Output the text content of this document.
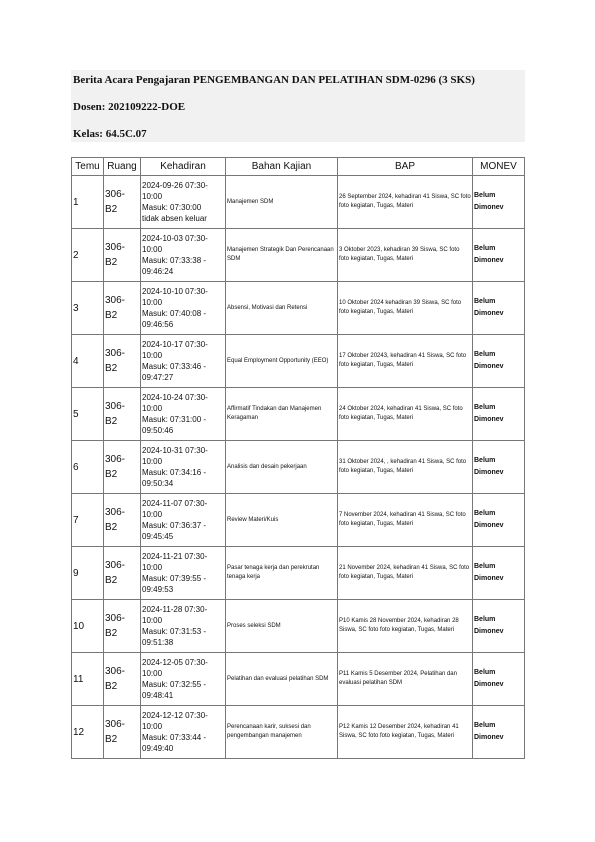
Berita Acara Pengajaran PENGEMBANGAN DAN PELATIHAN SDM-0296 (3 SKS)
Dosen: 202109222-DOE
Kelas: 64.5C.07
Temu	Ruang	Kehadiran	Bahan Kajian	BAP	MONEV
1	306-
B2	2024-09-26 07:30-
10:00
Masuk: 07:30:00
tidak absen keluar	Manajemen SDM	26 September 2024, kehadiran 41 Siswa, SC foto foto kegiatan, Tugas, Materi	Belum
Dimonev

2	306-
B2	2024-10-03 07:30-
10:00
Masuk: 07:33:38 -
09:46:24	Manajemen Strategik Dan Perencanaan SDM	3 Oktober 2023, kehadiran 39 Siswa, SC foto foto kegiatan, Tugas, Materi	Belum
Dimonev

3	306-
B2	2024-10-10 07:30-
10:00
Masuk: 07:40:08 -
09:46:56	Absensi, Motivasi dan Retensi	10 Oktober 2024 kehadiran 39 Siswa, SC foto foto kegiatan, Tugas, Materi	Belum
Dimonev

4	306-
B2	2024-10-17 07:30-
10:00
Masuk: 07:33:46 -
09:47:27	Equal Employment Opportunity (EEO)	17 Oktober 20243, kehadiran 41 Siswa, SC foto foto kegiatan, Tugas, Materi	Belum
Dimonev

5	306-
B2	2024-10-24 07:30-
10:00
Masuk: 07:31:00 -
09:50:46	Affirmatif Tindakan dan Manajemen Keragaman	24 Oktober 2024, kehadiran 41 Siswa, SC foto foto kegiatan, Tugas, Materi	Belum
Dimonev

6	306-
B2	2024-10-31 07:30-
10:00
Masuk: 07:34:16 -
09:50:34	Analisis dan desain pekerjaan	31 Oktober 2024, , kehadiran 41 Siswa, SC foto foto kegiatan, Tugas, Materi	Belum
Dimonev

7	306-
B2	2024-11-07 07:30-
10:00
Masuk: 07:36:37 -
09:45:45	Review Materi/Kuis	7 November 2024, kehadiran 41 Siswa, SC foto foto kegiatan, Tugas, Materi	Belum
Dimonev

9	306-
B2	2024-11-21 07:30-
10:00
Masuk: 07:39:55 -
09:49:53	Pasar tenaga kerja dan perekrutan tenaga kerja	21 November 2024, kehadiran 41 Siswa, SC foto foto kegiatan, Tugas, Materi	Belum
Dimonev

10	306-
B2	2024-11-28 07:30-
10:00
Masuk: 07:31:53 -
09:51:38	Proses seleksi SDM	P10 Kamis 28 November 2024, kehadiran 28 Siswa, SC foto foto kegiatan, Tugas, Materi	Belum
Dimonev

11	306-
B2	2024-12-05 07:30-
10:00
Masuk: 07:32:55 -
09:48:41	Pelatihan dan evaluasi pelatihan SDM	P11 Kamis 5 Desember 2024, Pelatihan dan evaluasi pelatihan SDM	Belum
Dimonev

12	306-
B2	2024-12-12 07:30-
10:00
Masuk: 07:33:44 -
09:49:40	Perencanaan karir, suksesi dan pengembangan manajemen	P12 Kamis 12 Desember 2024, kehadiran 41 Siswa, SC foto foto kegiatan, Tugas, Materi	Belum
Dimonev
